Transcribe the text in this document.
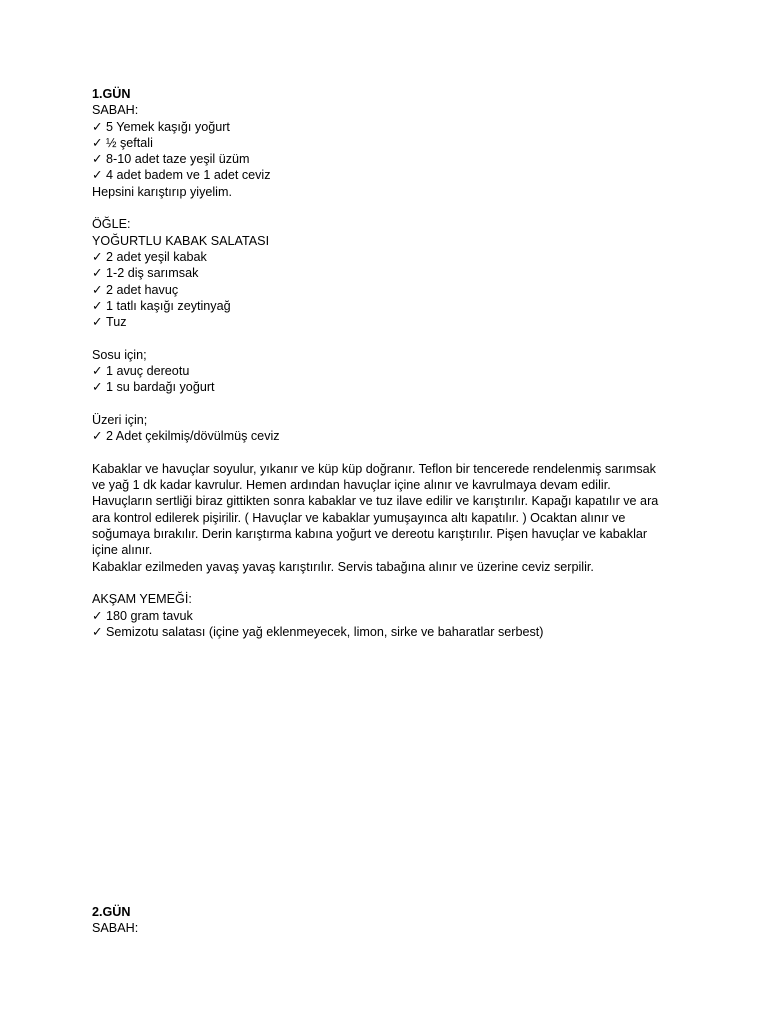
1.GÜN

SABAH:

✓ 5 Yemek kaşığı yoğurt

✓ ½ şeftali

✓ 8-10 adet taze yeşil üzüm

✓ 4 adet badem ve 1 adet ceviz

Hepsini karıştırıp yiyelim.

ÖĞLE:

YOĞURTLU KABAK SALATASI

✓ 2 adet yeşil kabak

✓ 1-2 diş sarımsak

✓ 2 adet havuç

✓ 1 tatlı kaşığı zeytinyağ

✓ Tuz

Sosu için;

✓ 1 avuç dereotu

✓ 1 su bardağı yoğurt

Üzeri için;

✓ 2 Adet çekilmiş/dövülmüş ceviz

Kabaklar ve havuçlar soyulur, yıkanır ve küp küp doğranır. Teflon bir tencerede rendelenmiş sarımsak

ve yağ 1 dk kadar kavrulur. Hemen ardından havuçlar içine alınır ve kavrulmaya devam edilir.

Havuçların sertliği biraz gittikten sonra kabaklar ve tuz ilave edilir ve karıştırılır. Kapağı kapatılır ve ara

ara kontrol edilerek pişirilir. ( Havuçlar ve kabaklar yumuşayınca altı kapatılır. ) Ocaktan alınır ve

soğumaya bırakılır. Derin karıştırma kabına yoğurt ve dereotu karıştırılır. Pişen havuçlar ve kabaklar

içine alınır.

Kabaklar ezilmeden yavaş yavaş karıştırılır. Servis tabağına alınır ve üzerine ceviz serpilir.

AKŞAM YEMEĞİ:

✓ 180 gram tavuk

✓ Semizotu salatası (içine yağ eklenmeyecek, limon, sirke ve baharatlar serbest)

2.GÜN

SABAH:
